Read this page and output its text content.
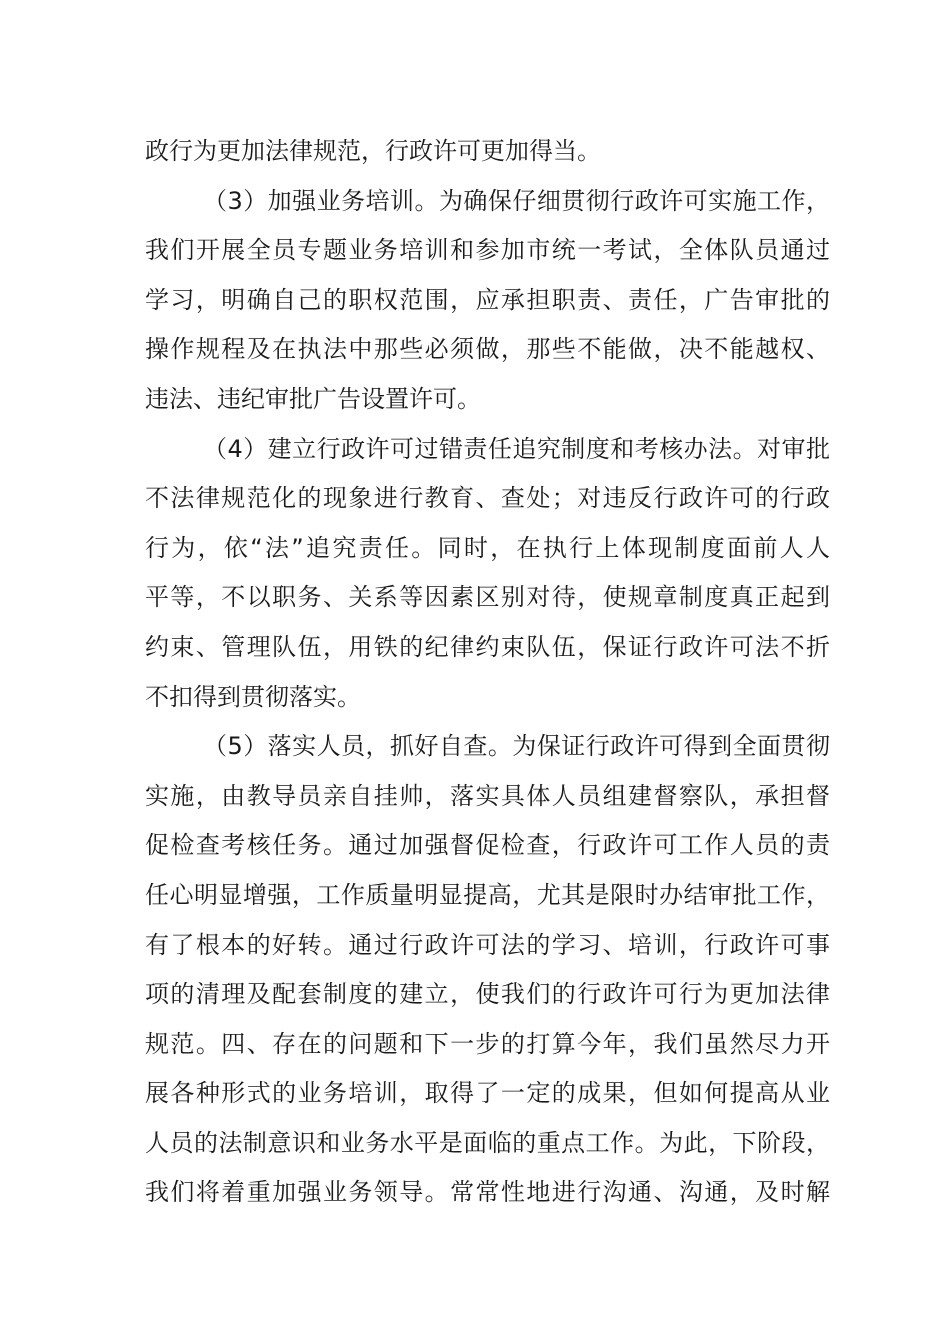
政行为更加法律规范，行政许可更加得当。
（3）加强业务培训。为确保仔细贯彻行政许可实施工作，
我们开展全员专题业务培训和参加市统一考试，全体队员通过
学习，明确自己的职权范围，应承担职责、责任，广告审批的
操作规程及在执法中那些必须做，那些不能做，决不能越权、
违法、违纪审批广告设置许可。
（4）建立行政许可过错责任追究制度和考核办法。对审批
不法律规范化的现象进行教育、查处；对违反行政许可的行政
行为，依“法”追究责任。同时，在执行上体现制度面前人人
平等，不以职务、关系等因素区别对待，使规章制度真正起到
约束、管理队伍，用铁的纪律约束队伍，保证行政许可法不折
不扣得到贯彻落实。
（5）落实人员，抓好自查。为保证行政许可得到全面贯彻
实施，由教导员亲自挂帅，落实具体人员组建督察队，承担督
促检查考核任务。通过加强督促检查，行政许可工作人员的责
任心明显增强，工作质量明显提高，尤其是限时办结审批工作，
有了根本的好转。通过行政许可法的学习、培训，行政许可事
项的清理及配套制度的建立，使我们的行政许可行为更加法律
规范。四、存在的问题和下一步的打算今年，我们虽然尽力开
展各种形式的业务培训，取得了一定的成果，但如何提高从业
人员的法制意识和业务水平是面临的重点工作。为此，下阶段，
我们将着重加强业务领导。常常性地进行沟通、沟通，及时解
